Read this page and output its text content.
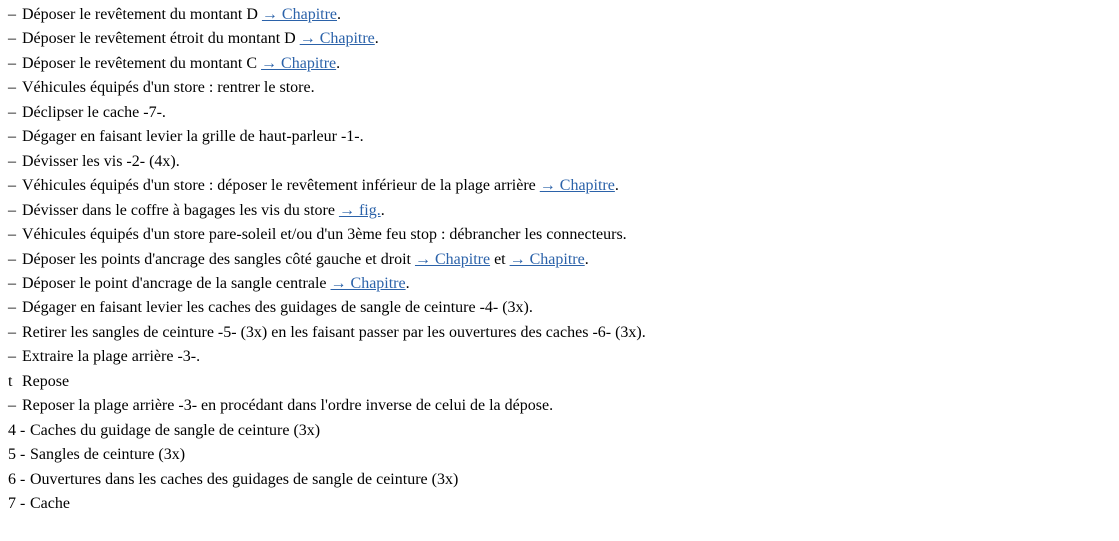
– Déposer le revêtement du montant D → Chapitre.
– Déposer le revêtement étroit du montant D → Chapitre.
– Déposer le revêtement du montant C → Chapitre.
– Véhicules équipés d'un store : rentrer le store.
– Déclipser le cache -7-.
– Dégager en faisant levier la grille de haut-parleur -1-.
– Dévisser les vis -2- (4x).
– Véhicules équipés d'un store : déposer le revêtement inférieur de la plage arrière → Chapitre.
– Dévisser dans le coffre à bagages les vis du store → fig..
– Véhicules équipés d'un store pare-soleil et/ou d'un 3ème feu stop : débrancher les connecteurs.
– Déposer les points d'ancrage des sangles côté gauche et droit → Chapitre et → Chapitre.
– Déposer le point d'ancrage de la sangle centrale → Chapitre.
– Dégager en faisant levier les caches des guidages de sangle de ceinture -4- (3x).
– Retirer les sangles de ceinture -5- (3x) en les faisant passer par les ouvertures des caches -6- (3x).
– Extraire la plage arrière -3-.
t Repose
– Reposer la plage arrière -3- en procédant dans l'ordre inverse de celui de la dépose.
4 - Caches du guidage de sangle de ceinture (3x)
5 - Sangles de ceinture (3x)
6 - Ouvertures dans les caches des guidages de sangle de ceinture (3x)
7 - Cache
